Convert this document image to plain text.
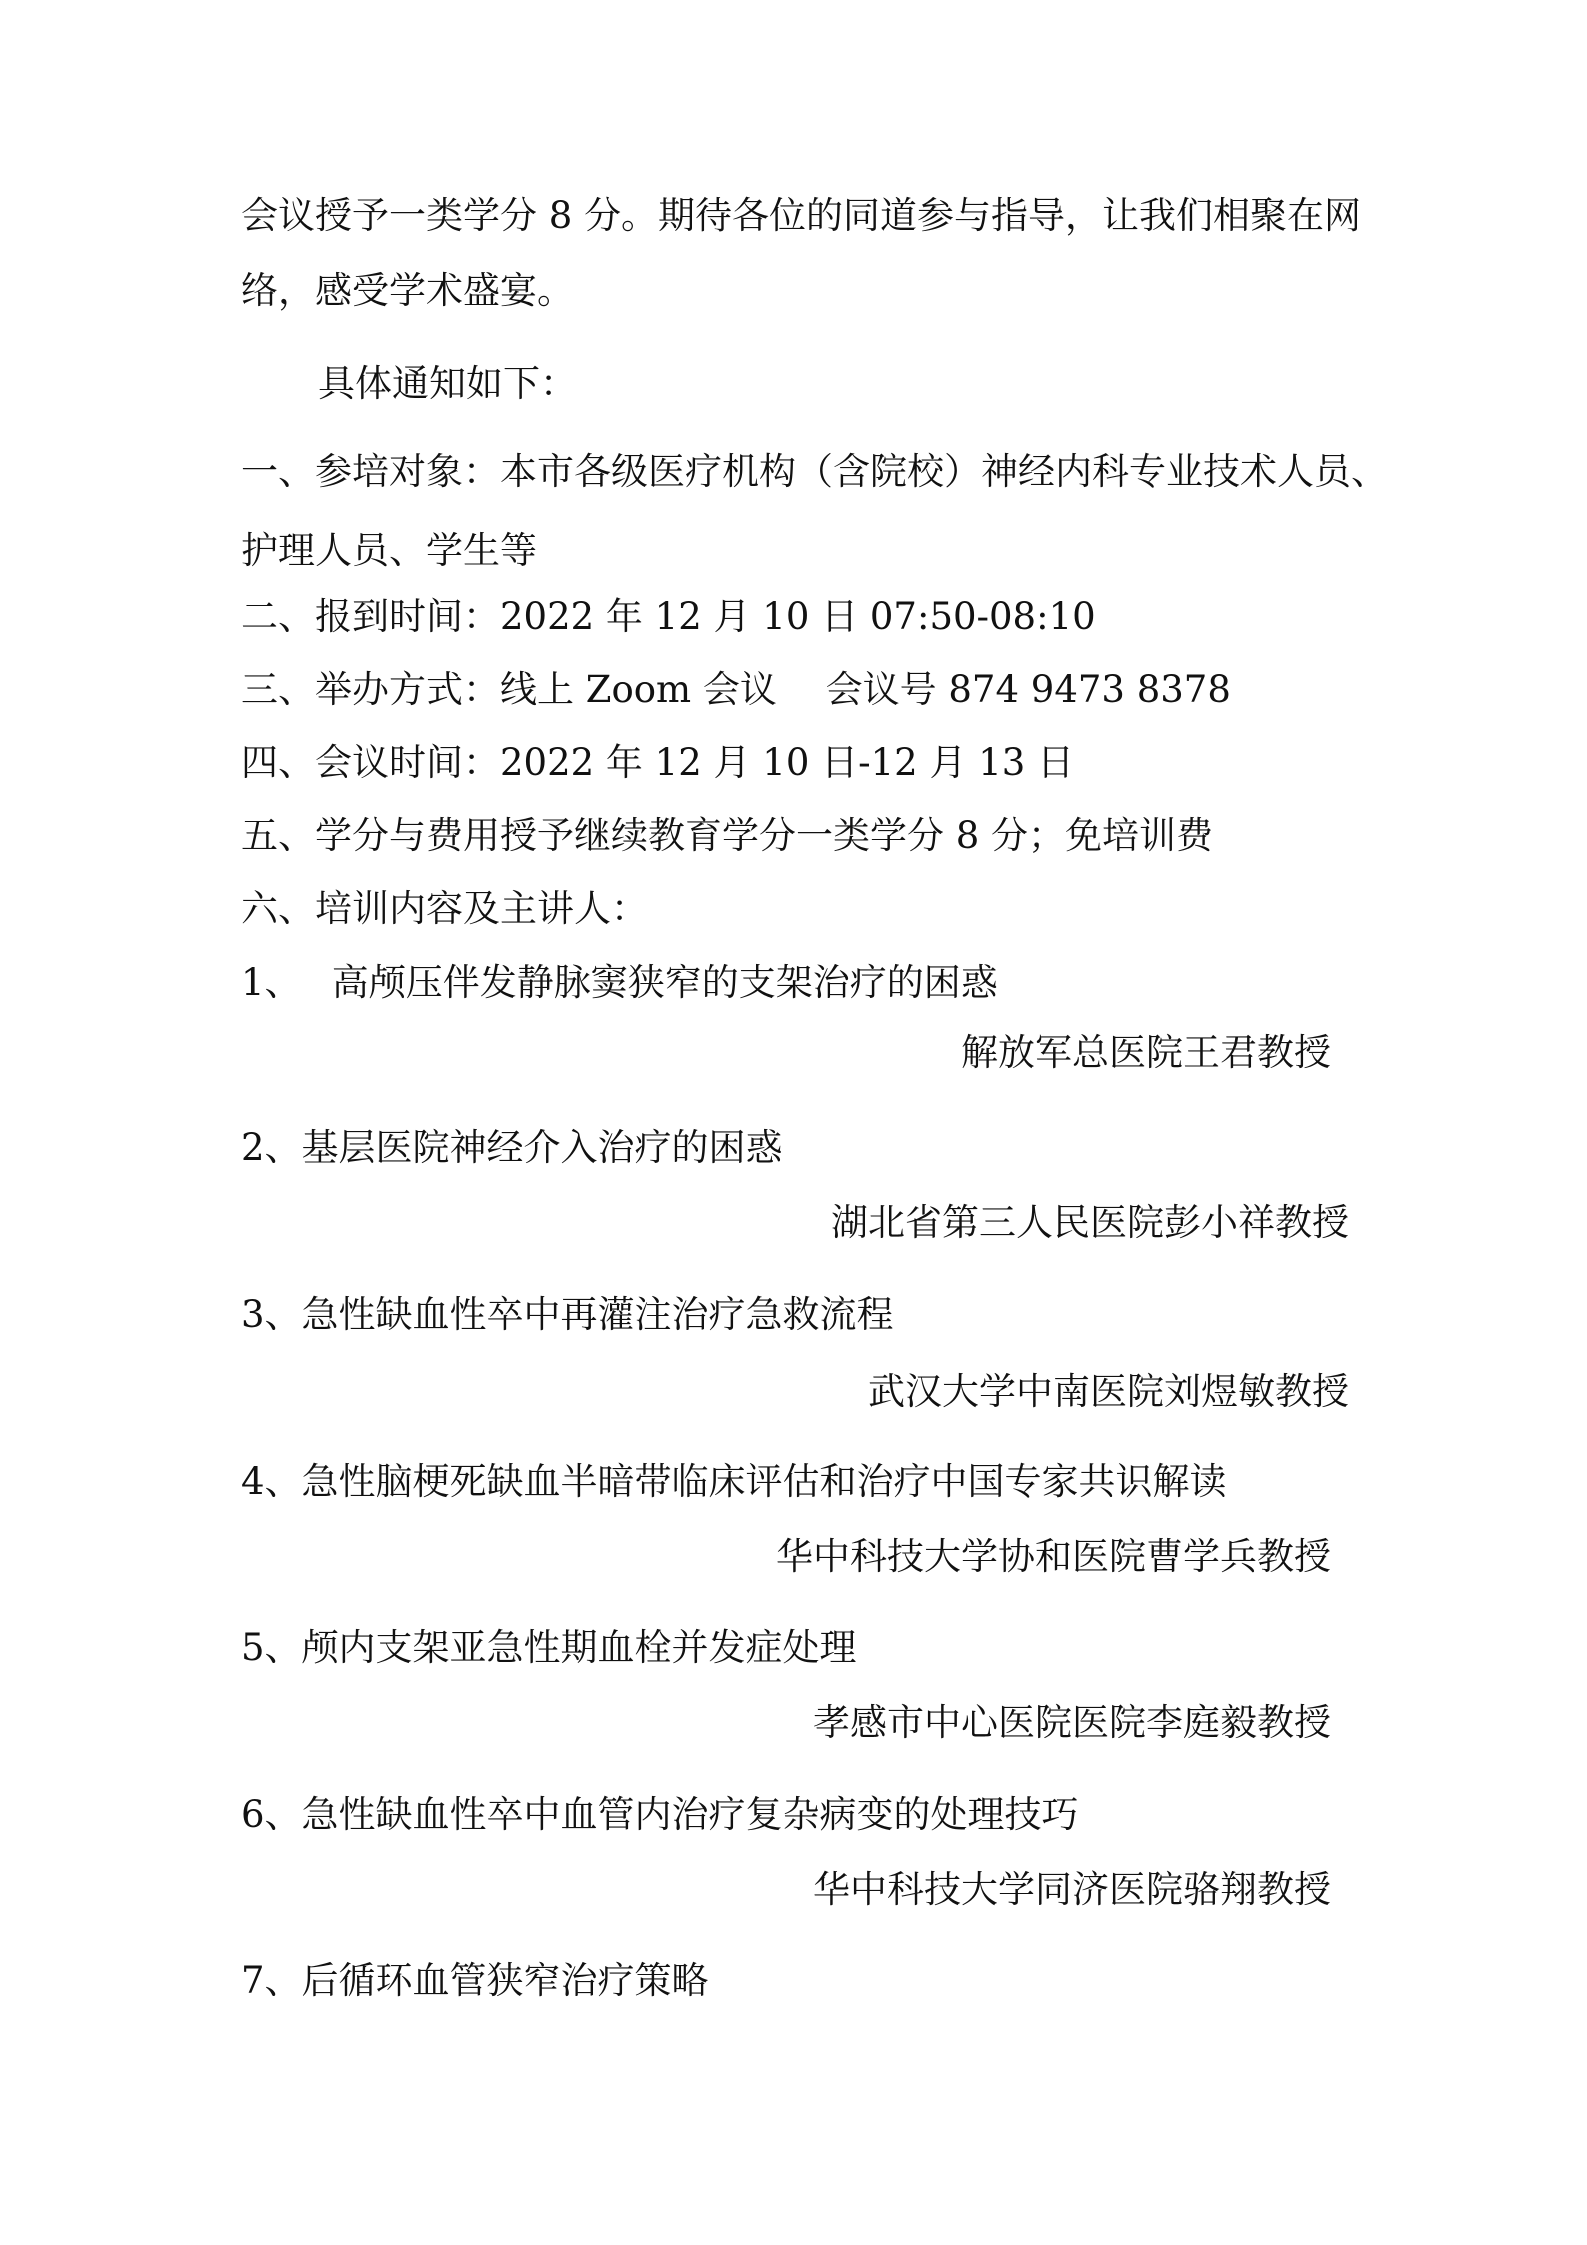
会议授予一类学分 8 分。期待各位的同道参与指导，让我们相聚在网
络，感受学术盛宴。
具体通知如下：
一、参培对象：本市各级医疗机构（含院校）神经内科专业技术人员、
护理人员、学生等
二、报到时间：2022 年 12 月 10 日 07:50-08:10
三、举办方式：线上 Zoom 会议　 会议号 874 9473 8378
四、会议时间：2022 年 12 月 10 日-12 月 13 日
五、学分与费用授予继续教育学分一类学分 8 分；免培训费
六、培训内容及主讲人：
1、　 高颅压伴发静脉窦狭窄的支架治疗的困惑
解放军总医院王君教授
2、基层医院神经介入治疗的困惑
湖北省第三人民医院彭小祥教授
3、急性缺血性卒中再灌注治疗急救流程
武汉大学中南医院刘煜敏教授
4、急性脑梗死缺血半暗带临床评估和治疗中国专家共识解读
华中科技大学协和医院曹学兵教授
5、颅内支架亚急性期血栓并发症处理
孝感市中心医院医院李庭毅教授
6、急性缺血性卒中血管内治疗复杂病变的处理技巧
华中科技大学同济医院骆翔教授
7、后循环血管狭窄治疗策略
